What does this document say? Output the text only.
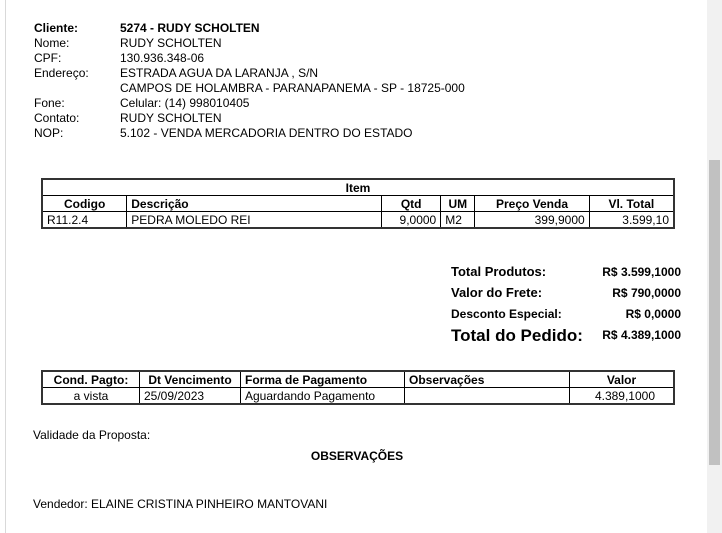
Cliente:	5274 - RUDY SCHOLTEN
Nome:	RUDY SCHOLTEN
CPF:	130.936.348-06
Endereço:	ESTRADA AGUA DA LARANJA , S/N
CAMPOS DE HOLAMBRA - PARANAPANEMA - SP - 18725-000
Fone:	Celular: (14) 998010405
Contato:	RUDY SCHOLTEN
NOP:	5.102 - VENDA MERCADORIA DENTRO DO ESTADO
Item					
Codigo	Descrição	Qtd	UM	Preço Venda	Vl. Total
R11.2.4	PEDRA MOLEDO REI	9,0000	M2	399,9000	3.599,10
Total Produtos:	R$ 3.599,1000
Valor do Frete:	R$ 790,0000
Desconto Especial:	R$ 0,0000
Total do Pedido: R$ 4.389,1000
Cond. Pagto:	Dt Vencimento	Forma de Pagamento	Observações	Valor
a vista	25/09/2023	Aguardando Pagamento		4.389,1000
Validade da Proposta:
OBSERVAÇÕES
Vendedor: ELAINE CRISTINA PINHEIRO MANTOVANI
